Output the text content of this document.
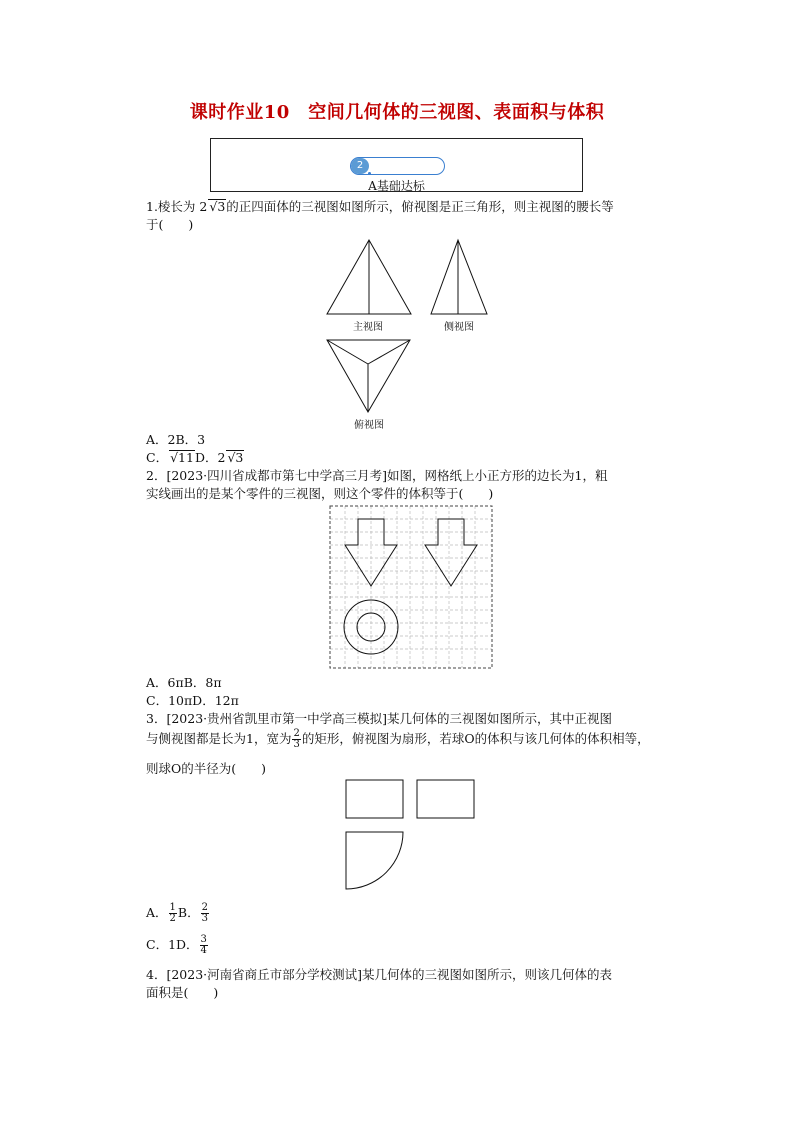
课时作业10　空间几何体的三视图、表面积与体积
2
A基础达标
1.棱长为 2 √3的正四面体的三视图如图所示，俯视图是正三角形，则主视图的腰长等
于(　　)
主视图	侧视图
俯视图
A．2B．3
C． √11D．2 √3
2．[2023·四川省成都市第七中学高三月考]如图，网格纸上小正方形的边长为1，粗
实线画出的是某个零件的三视图，则这个零件的体积等于(　　)
A．6πB．8π
C．10πD．12π
3．[2023·贵州省凯里市第一中学高三模拟]某几何体的三视图如图所示，其中正视图
与侧视图都是长为1，宽为 $\frac{2}{3}$ 的矩形，俯视图为扇形，若球O的体积与该几何体的体积相等，
则球O的半径为(　　)
A． $\frac{1}{2}$ B． $\frac{2}{3}$
C．1D． $\frac{3}{4}$
4．[2023·河南省商丘市部分学校测试]某几何体的三视图如图所示，则该几何体的表
面积是(　　)
